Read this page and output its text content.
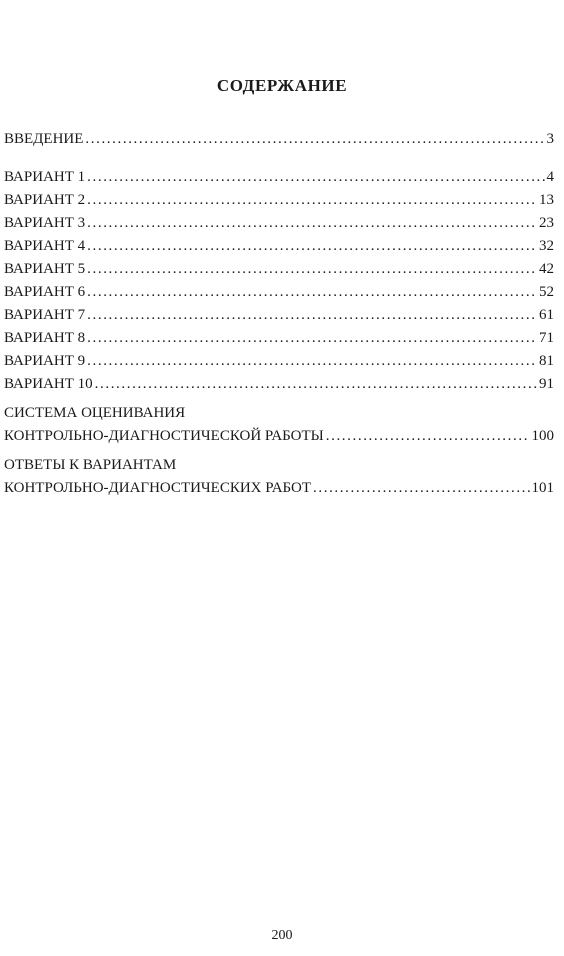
СОДЕРЖАНИЕ
ВВЕДЕНИЕ .....	3
ВАРИАНТ 1 .....	4
ВАРИАНТ 2 .....	13
ВАРИАНТ 3 .....	23
ВАРИАНТ 4 .....	32
ВАРИАНТ 5 .....	42
ВАРИАНТ 6 .....	52
ВАРИАНТ 7 .....	61
ВАРИАНТ 8 .....	71
ВАРИАНТ 9 .....	81
ВАРИАНТ 10 .....	91
СИСТЕМА ОЦЕНИВАНИЯ
КОНТРОЛЬНО-ДИАГНОСТИЧЕСКОЙ РАБОТЫ .....	100
ОТВЕТЫ К ВАРИАНТАМ
КОНТРОЛЬНО-ДИАГНОСТИЧЕСКИХ РАБОТ .....	101
200
